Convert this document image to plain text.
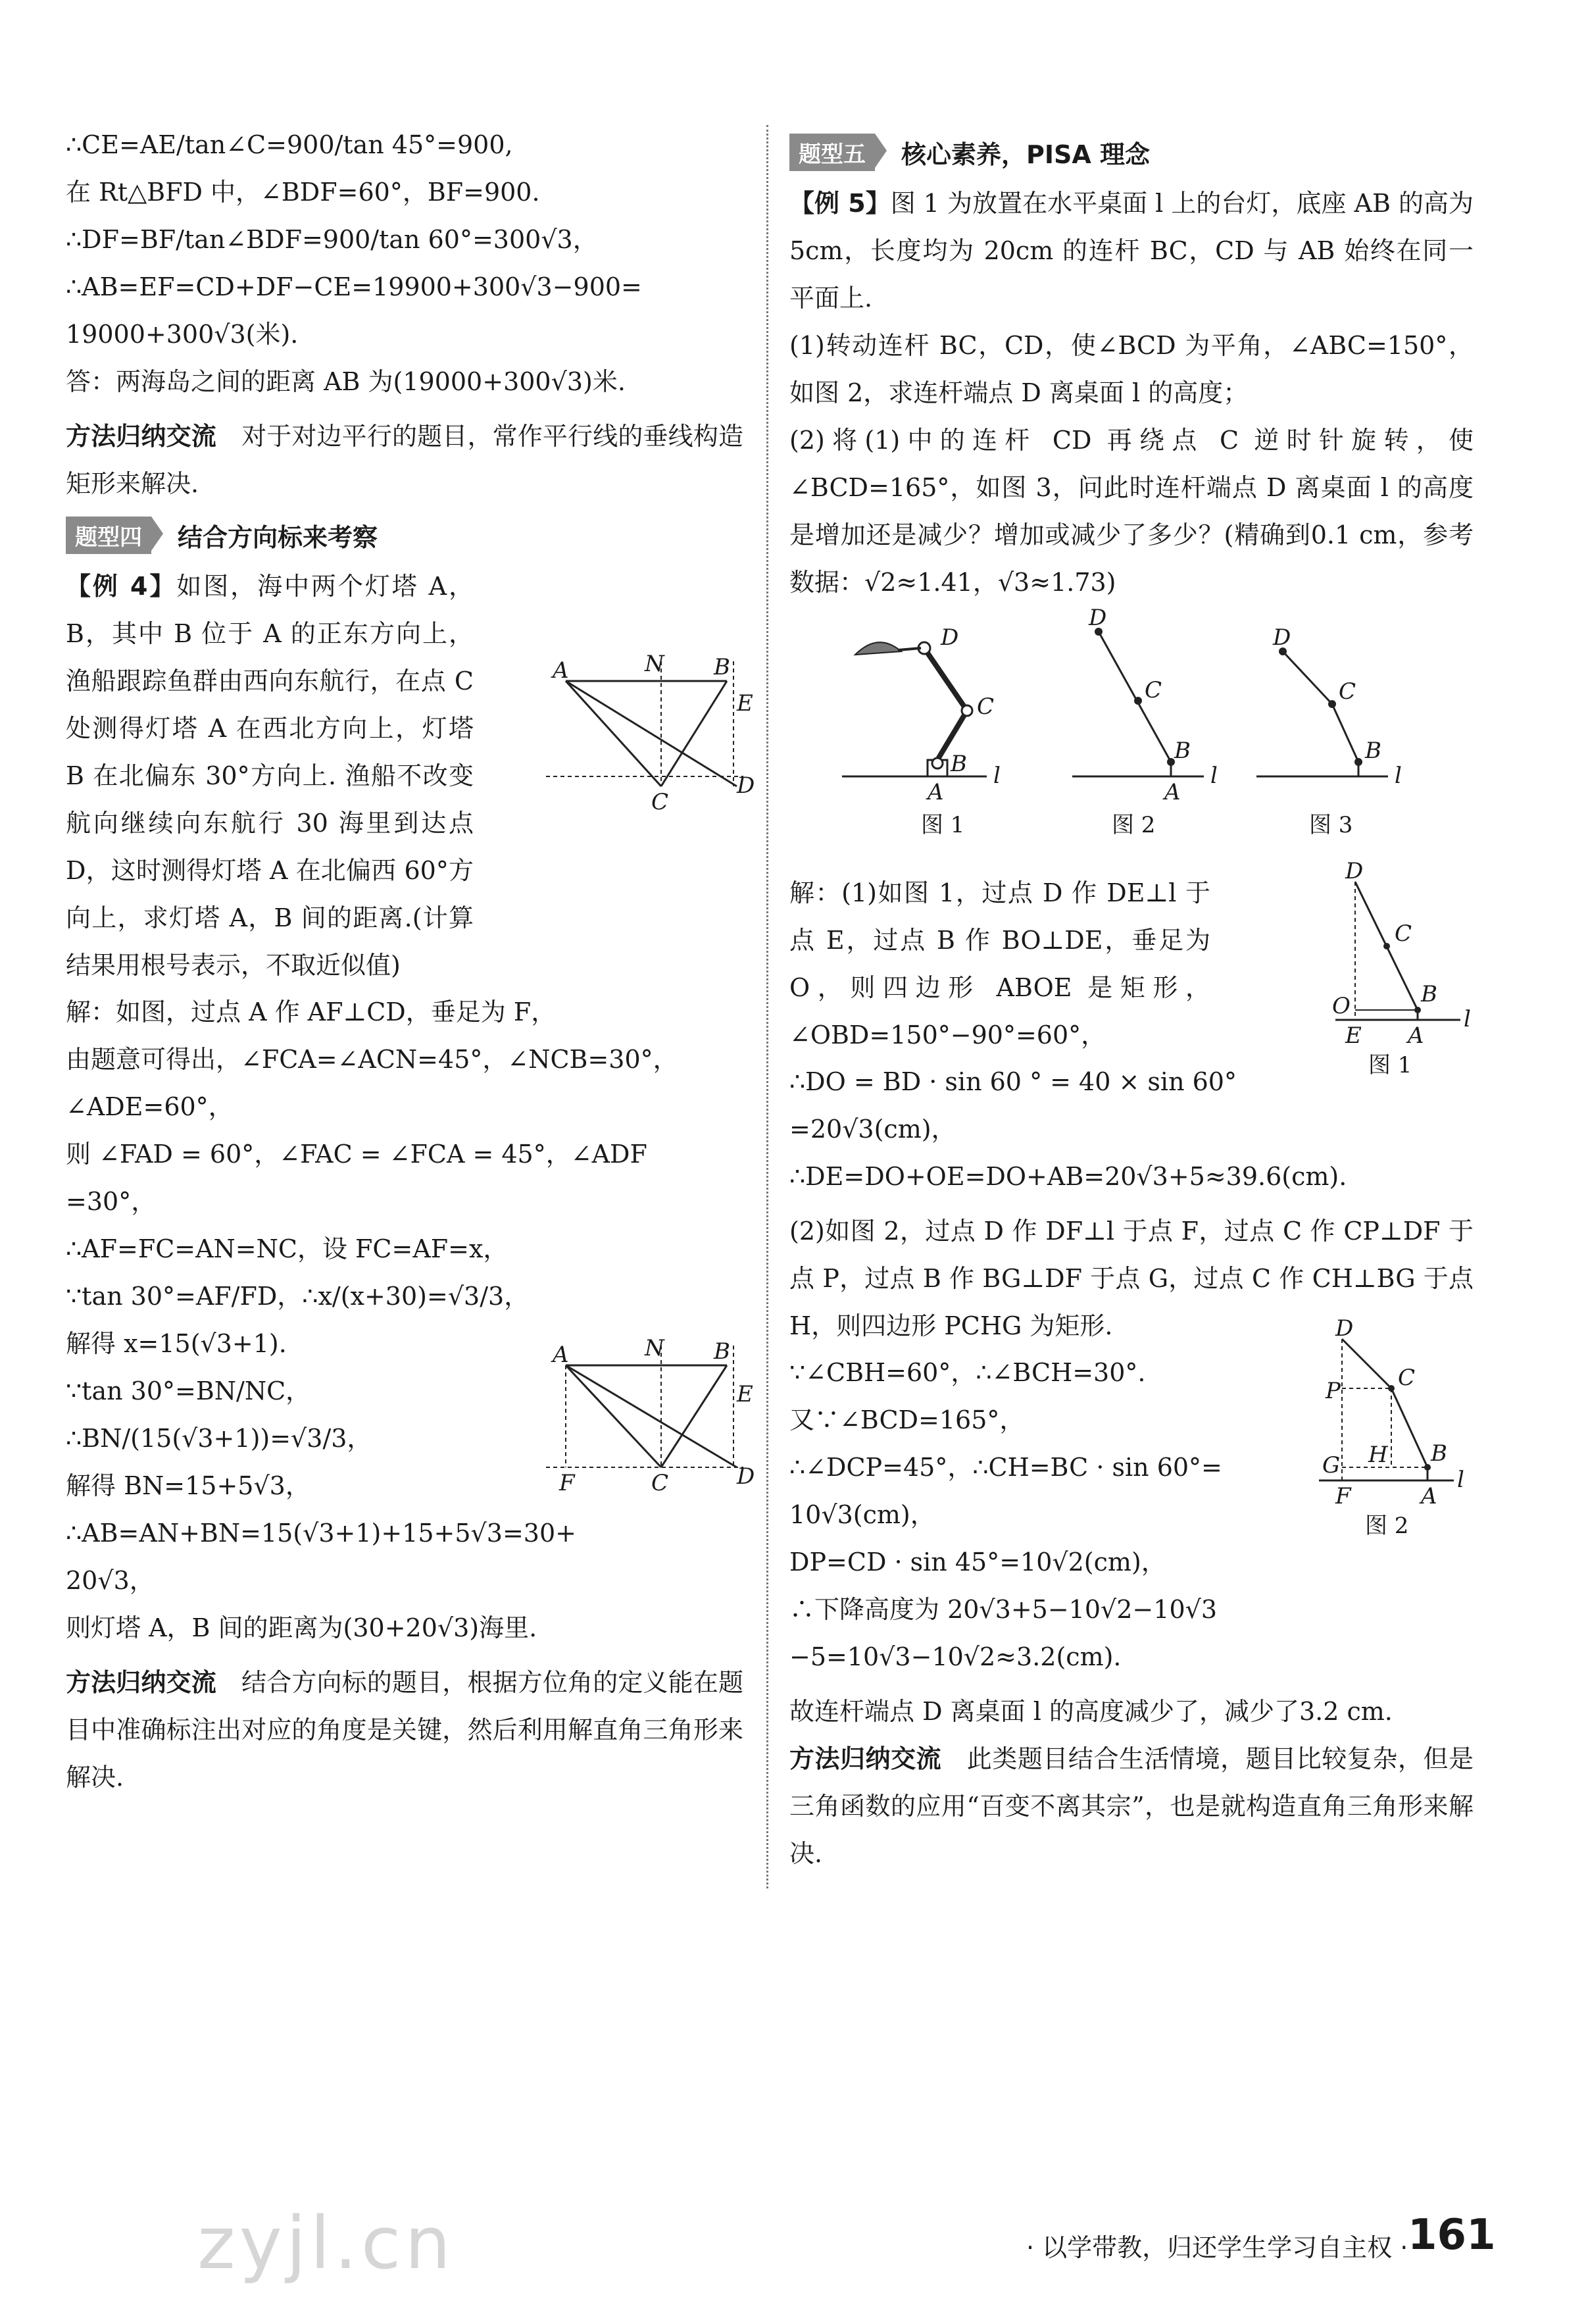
∴CE=AE/tan∠C=900/tan 45°=900,

在 Rt△BFD 中，∠BDF=60°，BF=900.

∴DF=BF/tan∠BDF=900/tan 60°=300√3，

∴AB=EF=CD+DF−CE=19900+300√3−900=

19000+300√3(米).

答：两海岛之间的距离 AB 为(19000+300√3)米.

方法归纳交流　 对于对边平行的题目，常作平行线的垂线构造矩形来解决.

题型四	结合方向标来考察

【例 4】如图，海中两个灯塔 A，B，其中 B 位于 A 的正东方向上，渔船跟踪鱼群由西向东航行，在点 C 处测得灯塔 A 在西北方向上，灯塔 B 在北偏东 30°方向上. 渔船不改变航向继续向东航行 30 海里到达点 D，这时测得灯塔 A 在北偏西 60°方向上，求灯塔 A，B 间的距离.(计算结果用根号表示，不取近似值)

解：如图，过点 A 作 AF⊥CD，垂足为 F，

由题意可得出，∠FCA=∠ACN=45°，∠NCB=30°，

∠ADE=60°，

则 ∠FAD = 60°，∠FAC = ∠FCA = 45°，∠ADF

=30°，

∴AF=FC=AN=NC，设 FC=AF=x，

∵tan 30°=AF/FD，∴x/(x+30)=√3/3，

解得 x=15(√3+1).

∵tan 30°=BN/NC，

∴BN/(15(√3+1))=√3/3，

解得 BN=15+5√3，

∴AB=AN+BN=15(√3+1)+15+5√3=30+

20√3，

则灯塔 A，B 间的距离为(30+20√3)海里.

方法归纳交流　 结合方向标的题目，根据方位角的定义能在题目中准确标注出对应的角度是关键，然后利用解直角三角形来解决.

A	N B
E
C
D
A	N B
E
F	C	D
题型五	核心素养，PISA 理念

【例 5】图 1 为放置在水平桌面 l 上的台灯，底座 AB 的高为 5cm，长度均为 20cm 的连杆 BC，CD 与 AB 始终在同一平面上.

(1)转动连杆 BC，CD，使∠BCD 为平角，∠ABC=150°，如图 2，求连杆端点 D 离桌面 l 的高度；

(2)将(1)中的连杆 CD 再绕点 C 逆时针旋转，使∠BCD=165°，如图 3，问此时连杆端点 D 离桌面 l 的高度是增加还是减少？增加或减少了多少？(精确到0.1 cm，参考数据：√2≈1.41，√3≈1.73)

解：(1)如图 1，过点 D 作 DE⊥l 于点 E，过点 B 作 BO⊥DE，垂足为 O，则四边形 ABOE 是矩形，∠OBD=150°−90°=60°，

∴DO = BD · sin 60 ° = 40 × sin 60°

=20√3(cm)，

∴DE=DO+OE=DO+AB=20√3+5≈39.6(cm).

(2)如图 2，过点 D 作 DF⊥l 于点 F，过点 C 作 CP⊥DF 于点 P，过点 B 作 BG⊥DF 于点 G，过点 C 作 CH⊥BG 于点 H，则四边形 PCHG 为矩形.

∵∠CBH=60°，∴∠BCH=30°.

又∵∠BCD=165°，

∴∠DCP=45°，∴CH=BC · sin 60°=

10√3(cm)，

DP=CD · sin 45°=10√2(cm)，

∴下降高度为 20√3+5−10√2−10√3

−5=10√3−10√2≈3.2(cm).

故连杆端点 D 离桌面 l 的高度减少了，减少了3.2 cm.

方法归纳交流　 此类题目结合生活情境，题目比较复杂，但是三角函数的应用“百变不离其宗”，也是就构造直角三角形来解决.

D
C
B
A
l
图 1
D
C
B
A
l
图 2
D
C
B
l
图 3
D
C
B
O
E A
l
图 1
D
P	C
G H B
F	A
l
图 2
zyjl.cn	· 以学带教，归还学生学习自主权 · 161
